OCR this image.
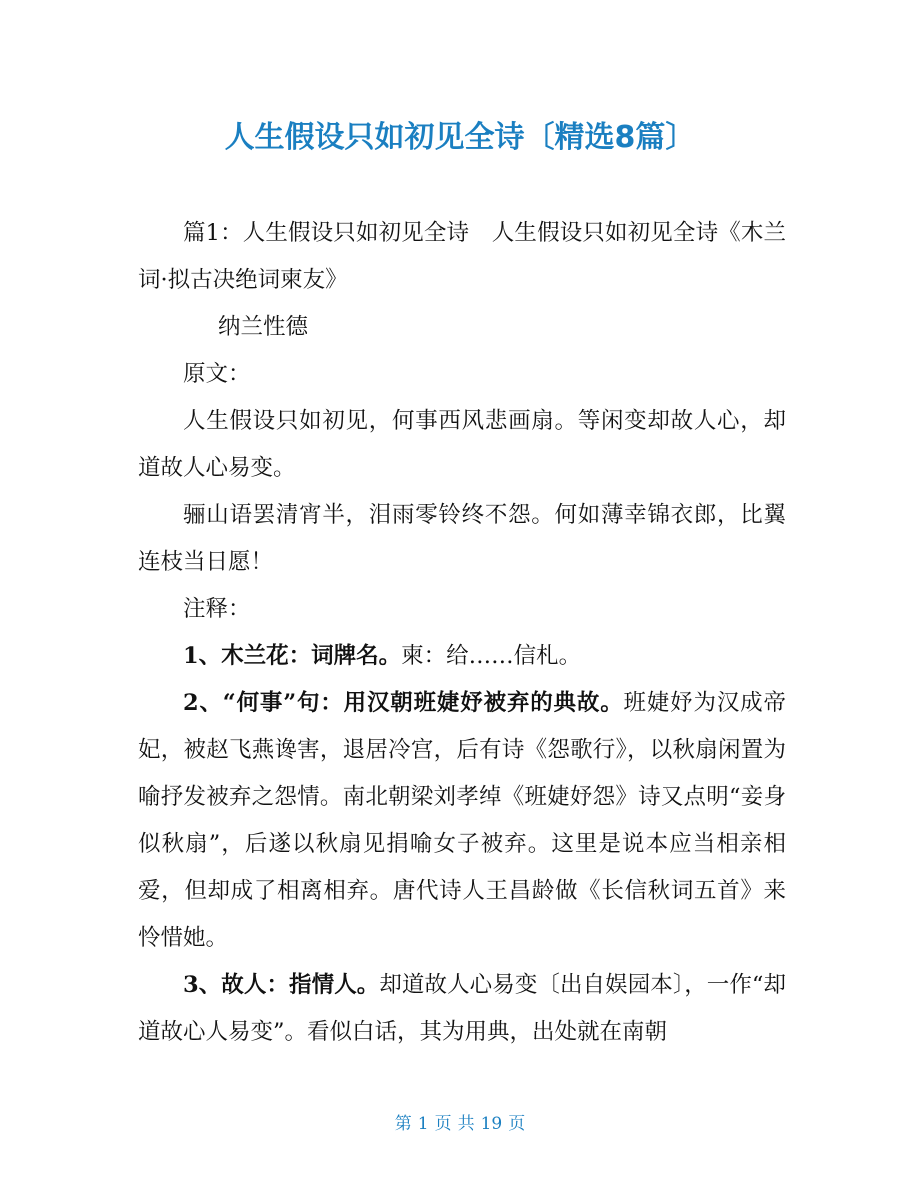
人生假设只如初见全诗〔精选8篇〕

篇1：人生假设只如初见全诗　人生假设只如初见全诗《木兰词·拟古决绝词柬友》

纳兰性德

原文：

人生假设只如初见，何事西风悲画扇。等闲变却故人心，却道故人心易变。

骊山语罢清宵半，泪雨零铃终不怨。何如薄幸锦衣郎，比翼连枝当日愿！

注释：

1、木兰花：词牌名。柬：给……信札。

2、“何事”句：用汉朝班婕妤被弃的典故。班婕妤为汉成帝妃，被赵飞燕谗害，退居冷宫，后有诗《怨歌行》，以秋扇闲置为喻抒发被弃之怨情。南北朝梁刘孝绰《班婕妤怨》诗又点明“妾身似秋扇”，后遂以秋扇见捐喻女子被弃。这里是说本应当相亲相爱，但却成了相离相弃。唐代诗人王昌龄做《长信秋词五首》来怜惜她。

3、故人：指情人。却道故人心易变〔出自娱园本〕，一作“却道故心人易变”。看似白话，其为用典，出处就在南朝

第 1 页 共 19 页
